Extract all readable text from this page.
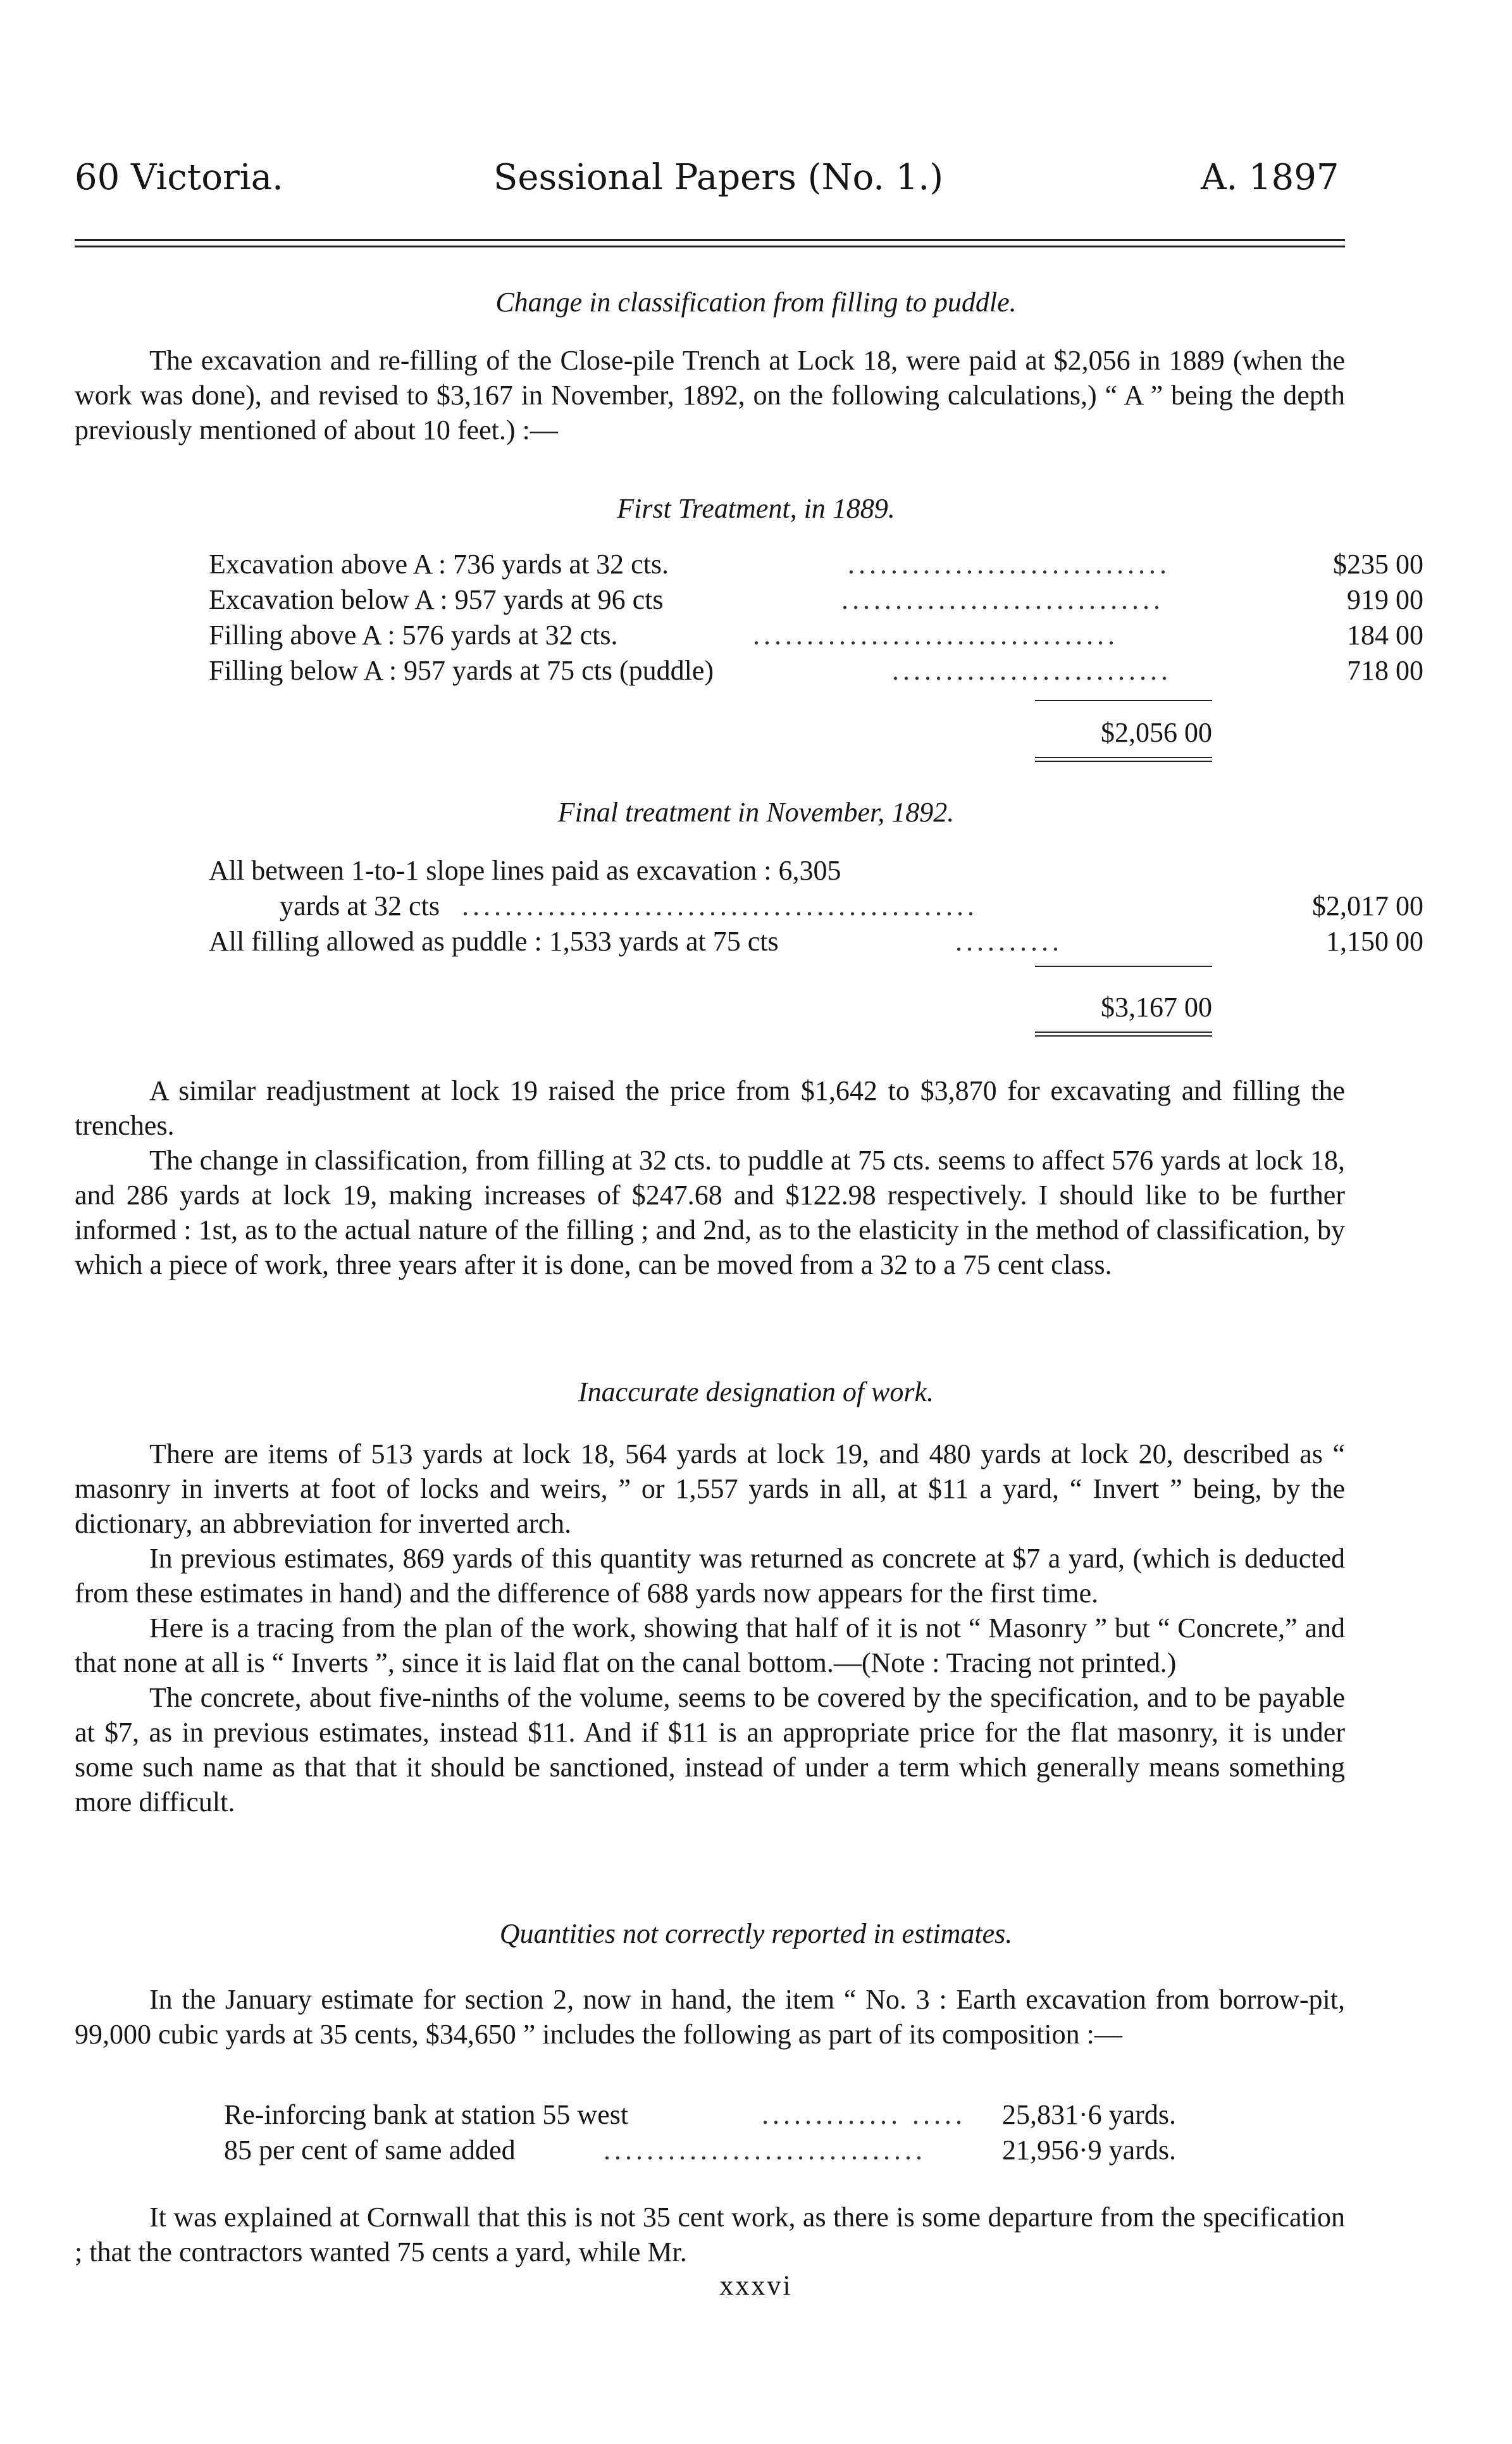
60 Victoria.	Sessional Papers (No. 1.)	A. 1897
Change in classification from filling to puddle.

The excavation and re-filling of the Close-pile Trench at Lock 18, were paid at $2,056 in 1889 (when the work was done), and revised to $3,167 in November, 1892, on the following calculations,) “ A ” being the depth previously mentioned of about 10 feet.) :—

First Treatment, in 1889.
Excavation above A : 736 yards at 32 cts.	..............................	$235 00
Excavation below A : 957 yards at 96 cts	..............................	919 00
Filling above A : 576 yards at 32 cts.	..................................	184 00
Filling below A : 957 yards at 75 cts (puddle)	..........................	718 00
$2,056 00
Final treatment in November, 1892.
All between 1-to-1 slope lines paid as excavation : 6,305
yards at 32 cts ................................................	$2,017 00
All filling allowed as puddle : 1,533 yards at 75 cts	..........	1,150 00
$3,167 00

A similar readjustment at lock 19 raised the price from $1,642 to $3,870 for excavating and filling the trenches.

The change in classification, from filling at 32 cts. to puddle at 75 cts. seems to affect 576 yards at lock 18, and 286 yards at lock 19, making increases of $247.68 and $122.98 respectively. I should like to be further informed : 1st, as to the actual nature of the filling ; and 2nd, as to the elasticity in the method of classification, by which a piece of work, three years after it is done, can be moved from a 32 to a 75 cent class.

Inaccurate designation of work.

There are items of 513 yards at lock 18, 564 yards at lock 19, and 480 yards at lock 20, described as “ masonry in inverts at foot of locks and weirs, ” or 1,557 yards in all, at $11 a yard, “ Invert ” being, by the dictionary, an abbreviation for inverted arch.

In previous estimates, 869 yards of this quantity was returned as concrete at $7 a yard, (which is deducted from these estimates in hand) and the difference of 688 yards now appears for the first time.

Here is a tracing from the plan of the work, showing that half of it is not “ Masonry ” but “ Concrete,” and that none at all is “ Inverts ”, since it is laid flat on the canal bottom.—(Note : Tracing not printed.)

The concrete, about five-ninths of the volume, seems to be covered by the specification, and to be payable at $7, as in previous estimates, instead $11. And if $11 is an appropriate price for the flat masonry, it is under some such name as that that it should be sanctioned, instead of under a term which generally means something more difficult.

Quantities not correctly reported in estimates.

In the January estimate for section 2, now in hand, the item “ No. 3 : Earth excavation from borrow-pit, 99,000 cubic yards at 35 cents, $34,650 ” includes the following as part of its composition :—

Re-inforcing bank at station 55 west	............. .....	25,831·6 yards.
85 per cent of same added	..............................	21,956·9 yards.

It was explained at Cornwall that this is not 35 cent work, as there is some departure from the specification ; that the contractors wanted 75 cents a yard, while Mr.

xxxvi
